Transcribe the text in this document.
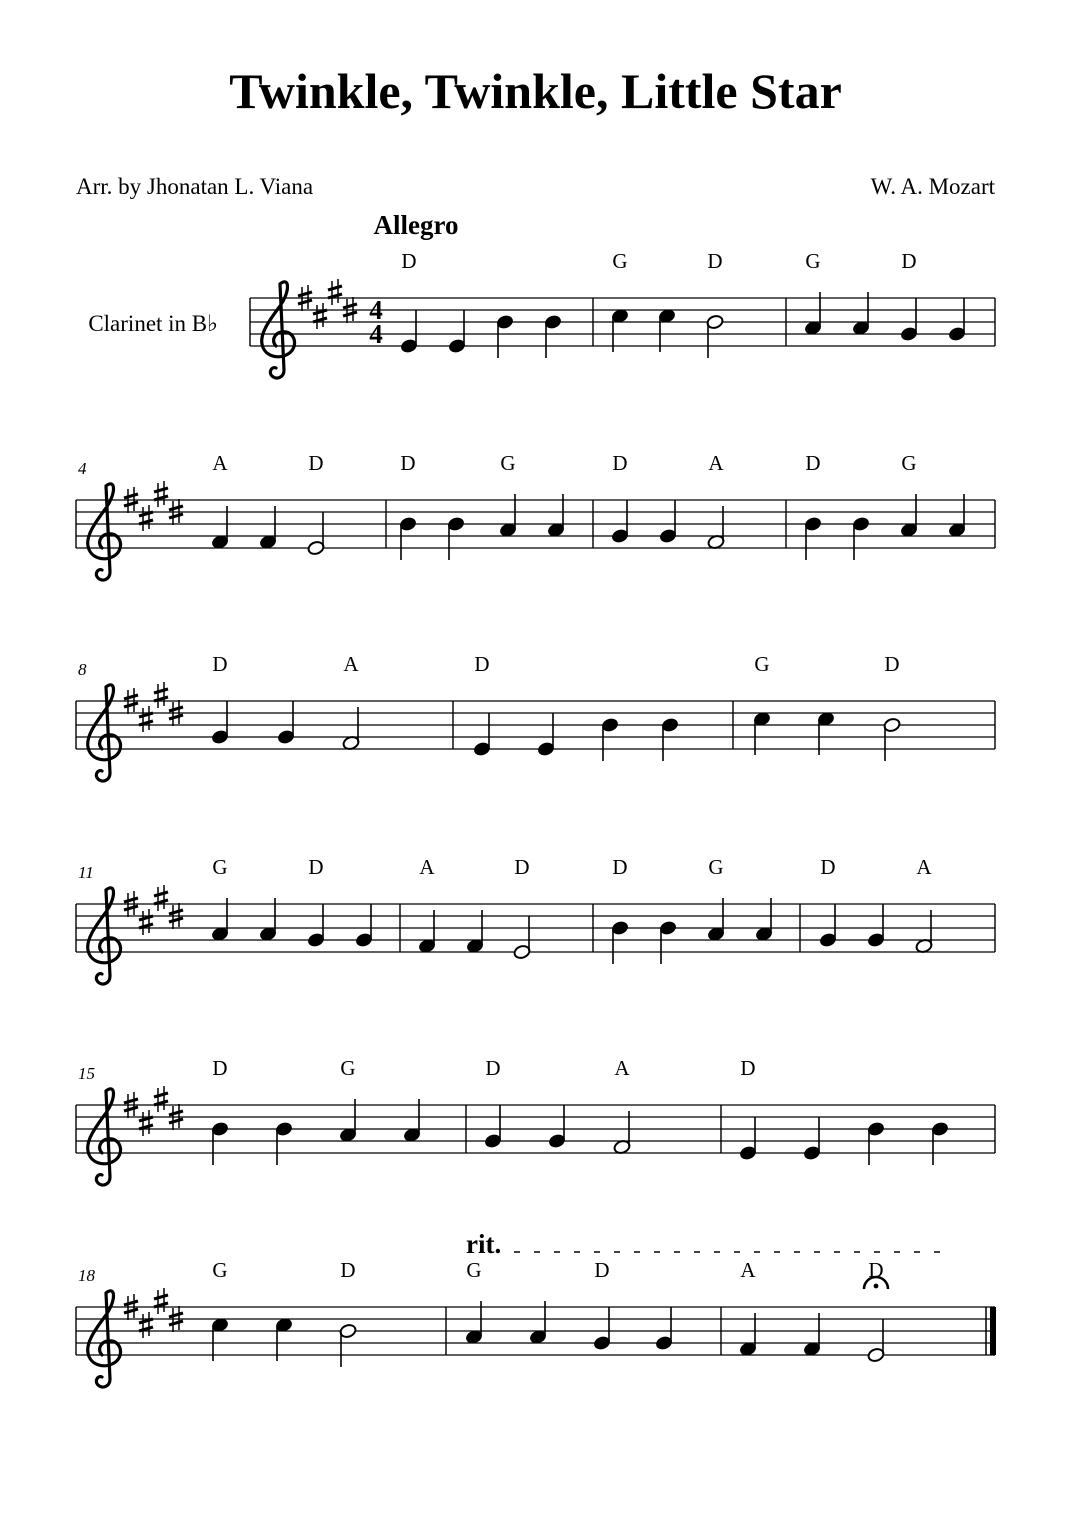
Twinkle, Twinkle, Little Star
Arr. by Jhonatan L. Viana	W. A. Mozart
4
4
D	G	D	G	D
4	A	D	D	G	D	A	D	G
8	D	A	D	G	D
11	G	D	A	D	D	G	D	A
15	D	G	D	A	D
18	G	D	G	D	A	D
Clarinet in B♭
Allegro
rit.
